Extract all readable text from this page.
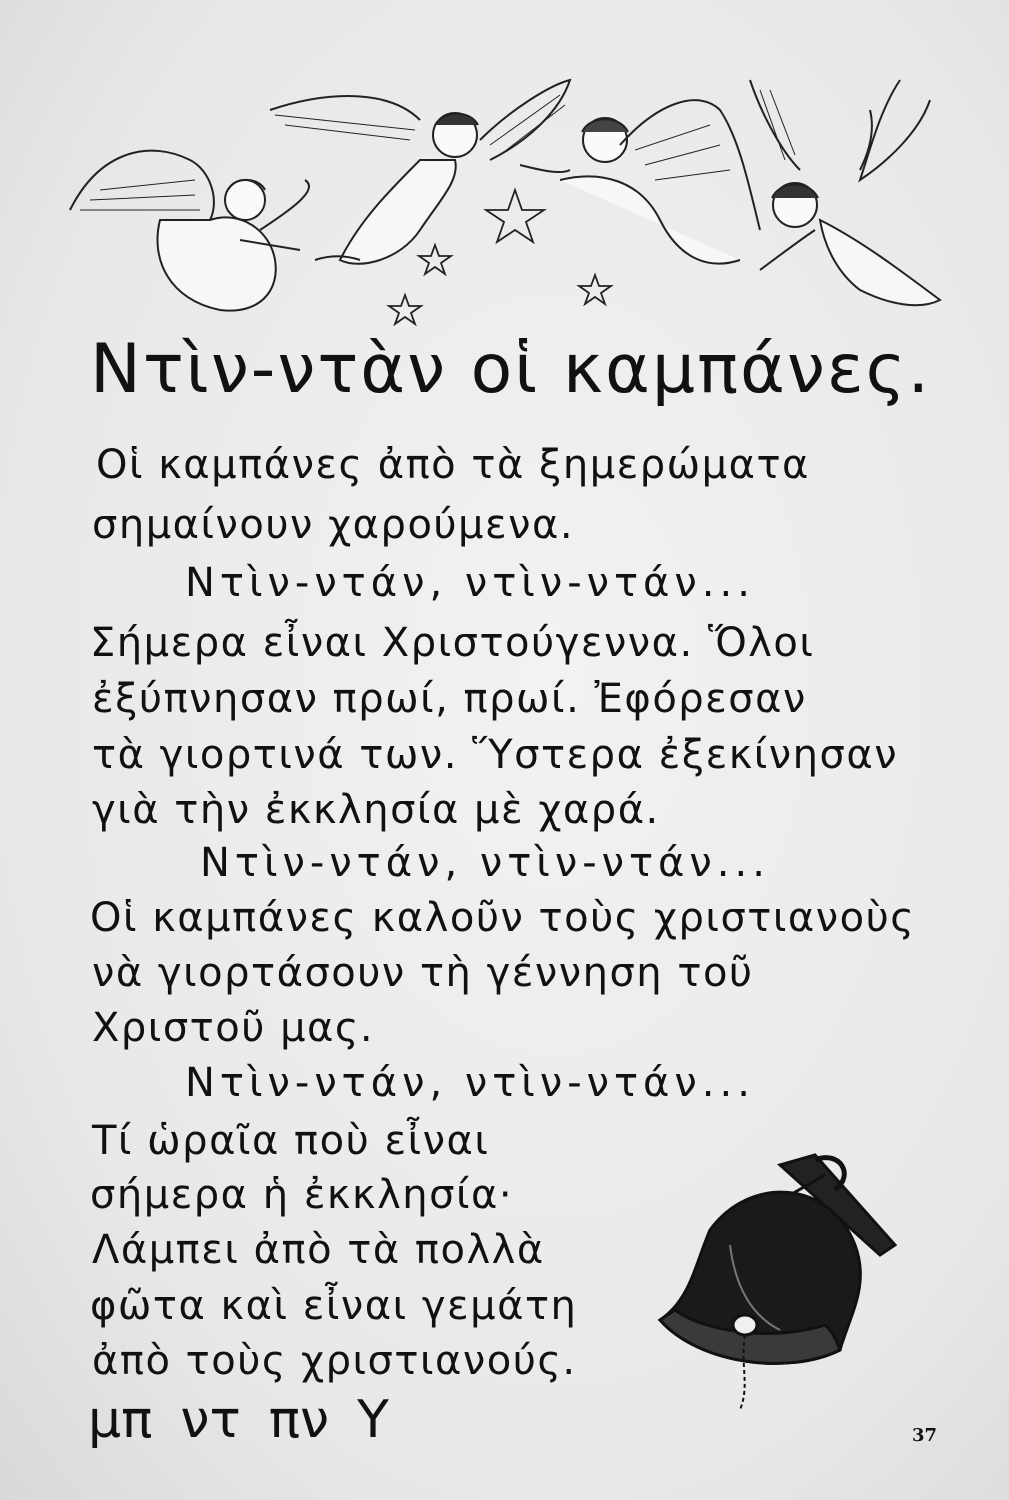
Ντὶν-ντὰν οἱ καμπάνες.
Οἱ καμπάνες ἀπὸ τὰ ξημερώματα
σημαίνουν χαρούμενα.
Ντὶν-ντάν, ντὶν-ντάν...
Σήμερα εἶναι Χριστούγεννα. Ὅλοι
ἐξύπνησαν πρωί, πρωί. Ἐφόρεσαν
τὰ γιορτινά των. Ὕστερα ἐξεκίνησαν
γιὰ τὴν ἐκκλησία μὲ χαρά.
Ντὶν-ντάν, ντὶν-ντάν...
Οἱ καμπάνες καλοῦν τοὺς χριστιανοὺς
νὰ γιορτάσουν τὴ γέννηση τοῦ
Χριστοῦ μας.
Ντὶν-ντάν, ντὶν-ντάν...
Τί ὡραῖα ποὺ εἶναι
σήμερα ἡ ἐκκλησία·
Λάμπει ἀπὸ τὰ πολλὰ
φῶτα καὶ εἶναι γεμάτη
ἀπὸ τοὺς χριστιανούς.
μπ ντ πν Υ	37
